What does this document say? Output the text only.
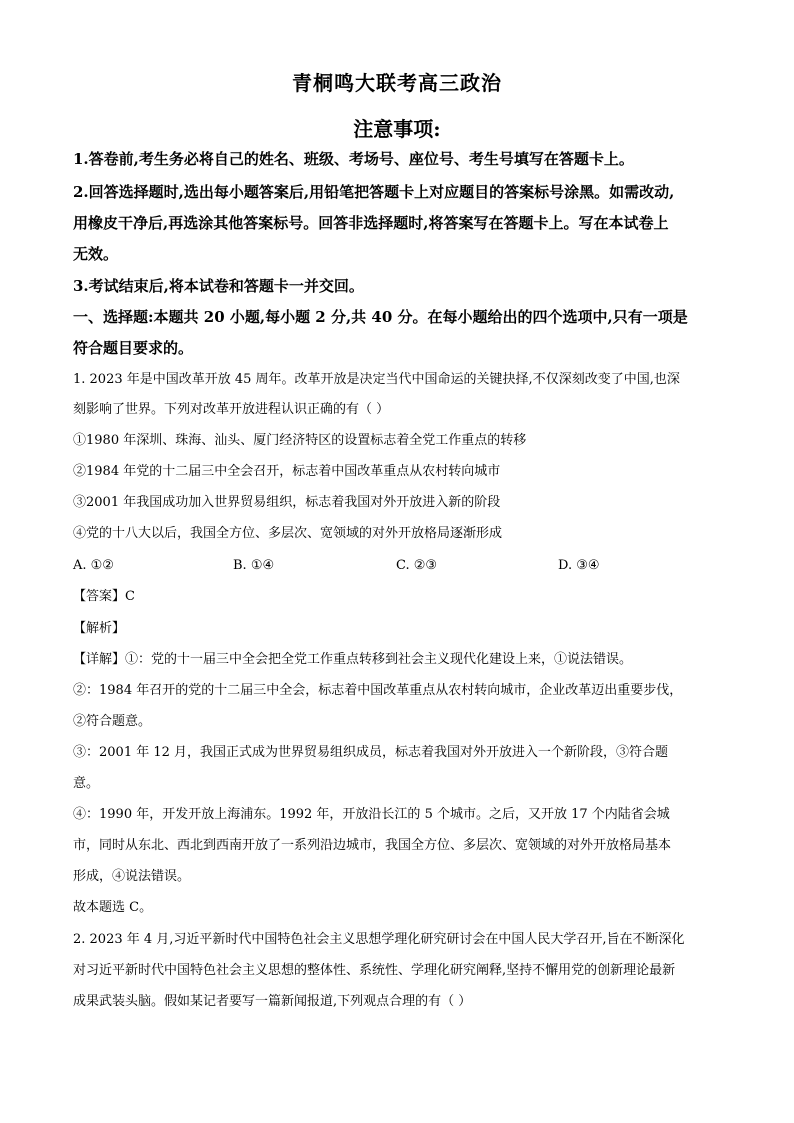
青桐鸣大联考高三政治
注意事项:
1.答卷前,考生务必将自己的姓名、班级、考场号、座位号、考生号填写在答题卡上。
2.回答选择题时,选出每小题答案后,用铅笔把答题卡上对应题目的答案标号涂黑。如需改动,
用橡皮干净后,再选涂其他答案标号。回答非选择题时,将答案写在答题卡上。写在本试卷上
无效。
3.考试结束后,将本试卷和答题卡一并交回。
一、选择题:本题共 20 小题,每小题 2 分,共 40 分。在每小题给出的四个选项中,只有一项是
符合题目要求的。
1. 2023 年是中国改革开放 45 周年。改革开放是决定当代中国命运的关键抉择,不仅深刻改变了中国,也深
刻影响了世界。下列对改革开放进程认识正确的有（ ）
①1980 年深圳、珠海、汕头、厦门经济特区的设置标志着全党工作重点的转移
②1984 年党的十二届三中全会召开，标志着中国改革重点从农村转向城市
③2001 年我国成功加入世界贸易组织，标志着我国对外开放进入新的阶段
④党的十八大以后，我国全方位、多层次、宽领域的对外开放格局逐渐形成
A. ①②	B. ①④	C. ②③	D. ③④
【答案】C
【解析】
【详解】①：党的十一届三中全会把全党工作重点转移到社会主义现代化建设上来，①说法错误。
②：1984 年召开的党的十二届三中全会，标志着中国改革重点从农村转向城市，企业改革迈出重要步伐，
②符合题意。
③：2001 年 12 月，我国正式成为世界贸易组织成员，标志着我国对外开放进入一个新阶段，③符合题
意。
④：1990 年，开发开放上海浦东。1992 年，开放沿长江的 5 个城市。之后，又开放 17 个内陆省会城
市，同时从东北、西北到西南开放了一系列沿边城市，我国全方位、多层次、宽领域的对外开放格局基本
形成，④说法错误。
故本题选 C。
2. 2023 年 4 月,习近平新时代中国特色社会主义思想学理化研究研讨会在中国人民大学召开,旨在不断深化
对习近平新时代中国特色社会主义思想的整体性、系统性、学理化研究阐释,坚持不懈用党的创新理论最新
成果武装头脑。假如某记者要写一篇新闻报道,下列观点合理的有（ ）
